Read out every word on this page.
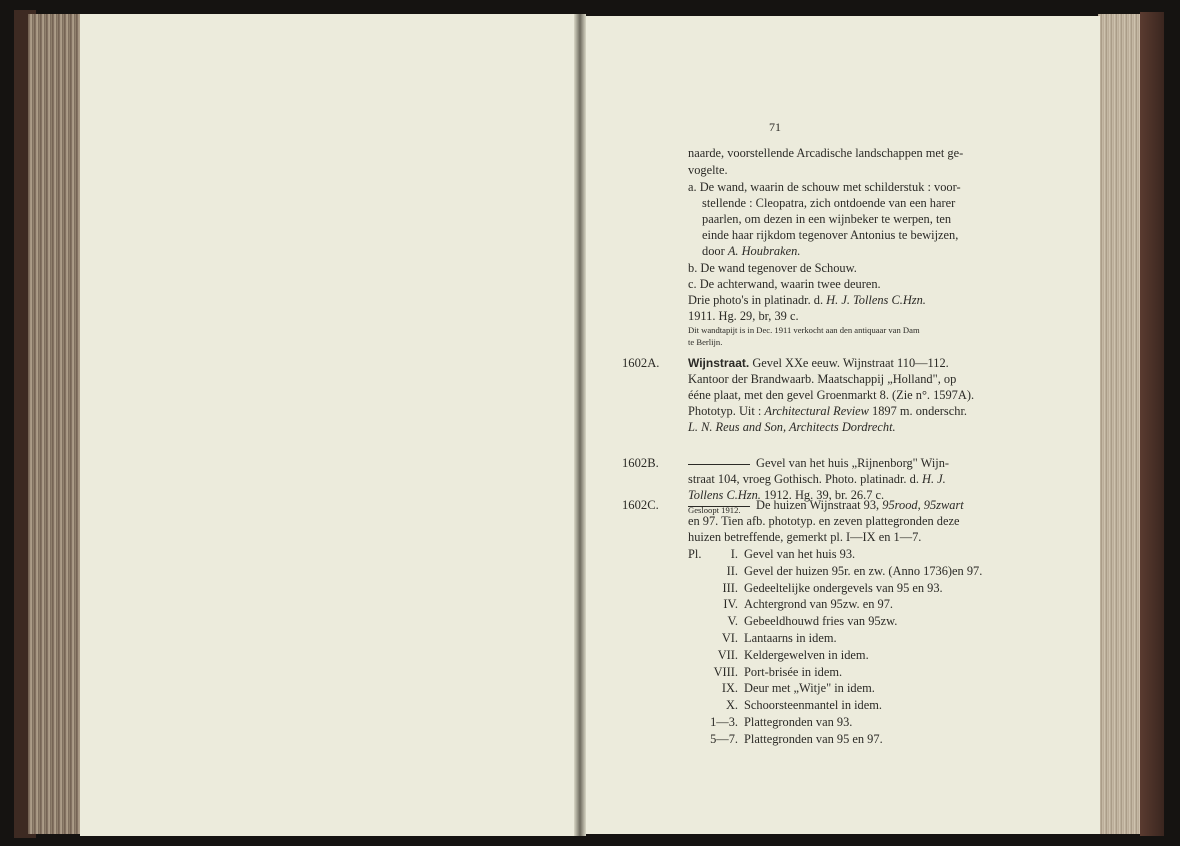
71
naarde, voorstellende Arcadische landschappen met ge-
vogelte.
a. De wand, waarin de schouw met schilderstuk : voor-
stellende : Cleopatra, zich ontdoende van een harer
paarlen, om dezen in een wijnbeker te werpen, ten
einde haar rijkdom tegenover Antonius te bewijzen,
door A. Houbraken.
b. De wand tegenover de Schouw.
c. De achterwand, waarin twee deuren.
Drie photo's in platinadr. d. H. J. Tollens C.Hzn.
1911. Hg. 29, br, 39 c.
Dit wandtapijt is in Dec. 1911 verkocht aan den antiquaar van Dam
te Berlijn.
1602A. Wijnstraat. Gevel XXe eeuw. Wijnstraat 110—112.
Kantoor der Brandwaarb. Maatschappij „Holland", op
éénе plaat, met den gevel Groenmarkt 8. (Zie n°. 1597A).
Phototyp. Uit : Architectural Review 1897 m. onderschr.
L. N. Reus and Son, Architects Dordrecht.
1602B.	Gevel van het huis „Rijnenborg" Wijn-
straat 104, vroeg Gothisch. Photo. platinadr. d. H. J.
Tollens C.Hzn. 1912. Hg. 39, br. 26.7 c.
Gesloopt 1912.
1602C.	De huizen Wijnstraat 93, 95rood, 95zwart
en 97. Tien afb. phototyp. en zeven plattegronden deze
huizen betreffende, gemerkt pl. I—IX en 1—7.
Pl.	I. Gevel van het huis 93.
II. Gevel der huizen 95r. en zw. (Anno 1736)en 97.
III. Gedeeltelijke ondergevels van 95 en 93.
IV. Achtergrond van 95zw. en 97.
V. Gebeeldhouwd fries van 95zw.
VI. Lantaarns in idem.
VII. Keldergewelven in idem.
VIII. Port-brisée in idem.
IX. Deur met „Witje" in idem.
X. Schoorsteenmantel in idem.
1—3. Plattegronden van 93.
5—7. Plattegronden van 95 en 97.
